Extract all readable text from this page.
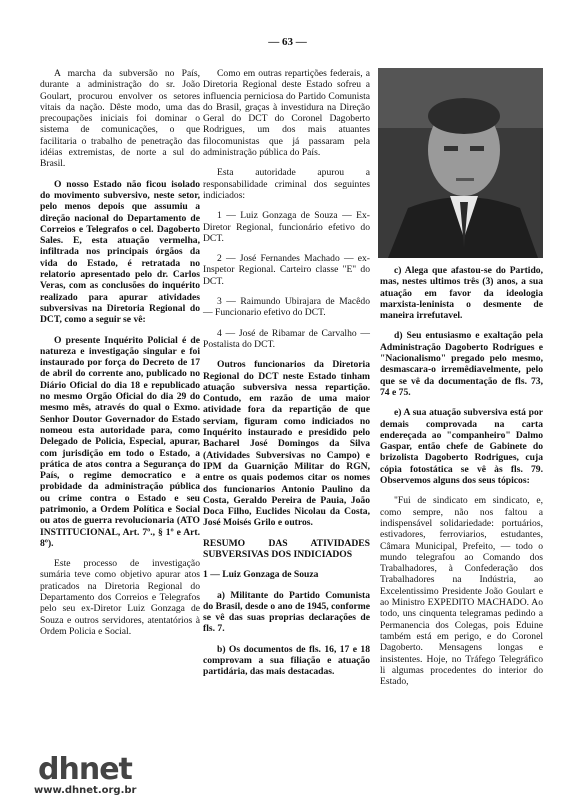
— 63 —

A marcha da subversão no País, durante a administração do sr. João Goulart, procurou envolver os setores vitais da nação. Dêste modo, uma das precoupações iniciais foi dominar o sistema de comunicações, o que facilitaria o trabalho de penetração das idéias extremistas, de norte a sul do Brasil.

O nosso Estado não ficou isolado do movimento subversivo, neste setor, pelo menos depois que assumiu a direção nacional do Departamento de Correios e Telegrafos o cel. Dagoberto Sales. E, esta atuação vermelha, infiltrada nos principais órgãos da vida do Estado, é retratada no relatorio apresentado pelo dr. Carlos Veras, com as conclusões do inquérito realizado para apurar atividades subversivas na Diretoria Regional do DCT, como a seguir se vê:

O presente Inquérito Policial é de natureza e investigação singular e foi instaurado por força do Decreto de 17 de abril do corrente ano, publicado no Diário Oficial do dia 18 e republicado no mesmo Orgão Oficial do dia 29 do mesmo mês, através do qual o Exmo. Senhor Doutor Governador do Estado nomeou esta autoridade para, como Delegado de Policia, Especial, apurar, com jurisdição em todo o Estado, a prática de atos contra a Segurança do País, o regime democratico e a probidade da administração pública ou crime contra o Estado e seu patrimonio, a Ordem Política e Social ou atos de guerra revolucionaria (ATO INSTITUCIONAL, Art. 7º., § 1º e Art. 8º).

Este processo de investigação sumária teve como objetivo apurar atos praticados na Diretoria Regional do Departamento dos Correios e Telegrafos pelo seu ex-Diretor Luiz Gonzaga de Souza e outros servidores, atentatórios à Ordem Policia e Social.

Como em outras repartições federais, a Diretoria Regional deste Estado sofreu a influencia perniciosa do Partido Comunista do Brasil, graças à investidura na Direção Geral do DCT do Coronel Dagoberto Rodrigues, um dos mais atuantes filocomunistas que já passaram pela administração pública do País.

Esta autoridade apurou a responsabilidade criminal dos seguintes indiciados:

1 — Luiz Gonzaga de Souza — Ex-Diretor Regional, funcionário efetivo do DCT.

2 — José Fernandes Machado — ex-Inspetor Regional. Carteiro classe "E" do DCT.

3 — Raimundo Ubirajara de Macêdo — Funcionario efetivo do DCT.

4 — José de Ribamar de Carvalho — Postalista do DCT.

Outros funcionarios da Diretoria Regional do DCT neste Estado tinham atuação subversiva nessa repartição. Contudo, em razão de uma maior atividade fora da repartição de que serviam, figuram como indiciados no Inquérito instaurado e presidido pelo Bacharel José Domingos da Silva (Atividades Subversivas no Campo) e IPM da Guarnição Militar do RGN, entre os quais podemos citar os nomes dos funcionarios Antonio Paulino da Costa, Geraldo Pereira de Pauia, João Doca Filho, Euclides Nicolau da Costa, José Moisés Grilo e outros.

RESUMO DAS ATIVIDADES SUBVERSIVAS DOS INDICIADOS

1 — Luiz Gonzaga de Souza

a) Militante do Partido Comunista do Brasil, desde o ano de 1945, conforme se vê das suas proprias declarações de fls. 7.

b) Os documentos de fls. 16, 17 e 18 comprovam a sua filiação e atuação partidária, das mais destacadas.

c) Alega que afastou-se do Partido, mas, nestes ultimos três (3) anos, a sua atuação em favor da ideologia marxista-leninista o desmente de maneira irrefutavel.

d) Seu entusiasmo e exaltação pela Administração Dagoberto Rodrigues e "Nacionalismo" pregado pelo mesmo, desmascara-o irremêdiavelmente, pelo que se vê da documentação de fls. 73, 74 e 75.

e) A sua atuação subversiva está por demais comprovada na carta endereçada ao "companheiro" Dalmo Gaspar, então chefe de Gabinete do brizolista Dagoberto Rodrigues, cuja cópia fotostática se vê às fls. 79. Observemos alguns dos seus tópicos:

"Fui de sindicato em sindicato, e, como sempre, não nos faltou a indispensável solidariedade: portuários, estivadores, ferroviarios, estudantes, Câmara Municipal, Prefeito, — todo o mundo telegrafou ao Comando dos Trabalhadores, à Confederação dos Trabalhadores na Indústria, ao Excelentissimo Presidente João Goulart e ao Ministro EXPEDITO MACHADO. Ao todo, uns cinquenta telegramas pedindo a Permanencia dos Colegas, pois Eduine também está em perigo, e do Coronel Dagoberto. Mensagens longas e insistentes. Hoje, no Tráfego Telegráfico li algumas procedentes do interior do Estado,

dhnet
www.dhnet.org.br
